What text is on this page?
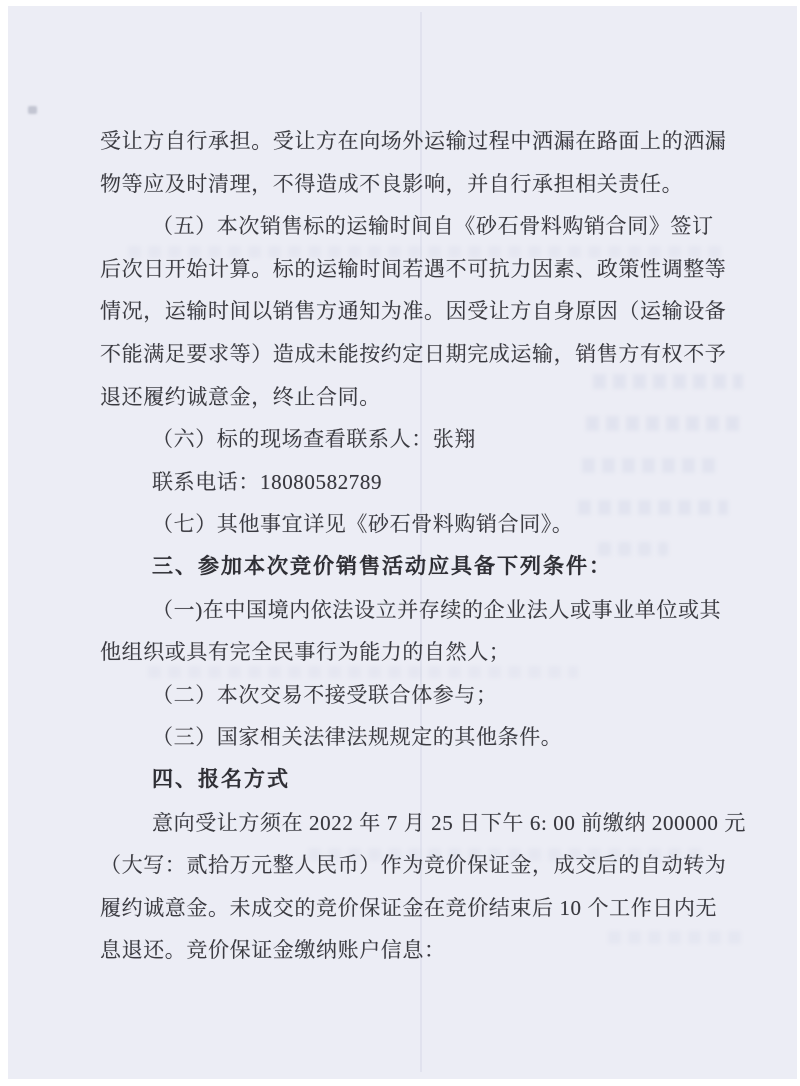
受让方自行承担。受让方在向场外运输过程中洒漏在路面上的洒漏
物等应及时清理，不得造成不良影响，并自行承担相关责任。
（五）本次销售标的运输时间自《砂石骨料购销合同》签订
后次日开始计算。标的运输时间若遇不可抗力因素、政策性调整等
情况，运输时间以销售方通知为准。因受让方自身原因（运输设备
不能满足要求等）造成未能按约定日期完成运输，销售方有权不予
退还履约诚意金，终止合同。
（六）标的现场查看联系人：张翔
联系电话：18080582789
（七）其他事宜详见《砂石骨料购销合同》。
三、参加本次竞价销售活动应具备下列条件：
（一)在中国境内依法设立并存续的企业法人或事业单位或其
他组织或具有完全民事行为能力的自然人；
（二）本次交易不接受联合体参与；
（三）国家相关法律法规规定的其他条件。
四、报名方式
意向受让方须在 2022 年 7 月 25 日下午 6: 00 前缴纳 200000 元
（大写：贰拾万元整人民币）作为竞价保证金，成交后的自动转为
履约诚意金。未成交的竞价保证金在竞价结束后 10 个工作日内无
息退还。竞价保证金缴纳账户信息：
